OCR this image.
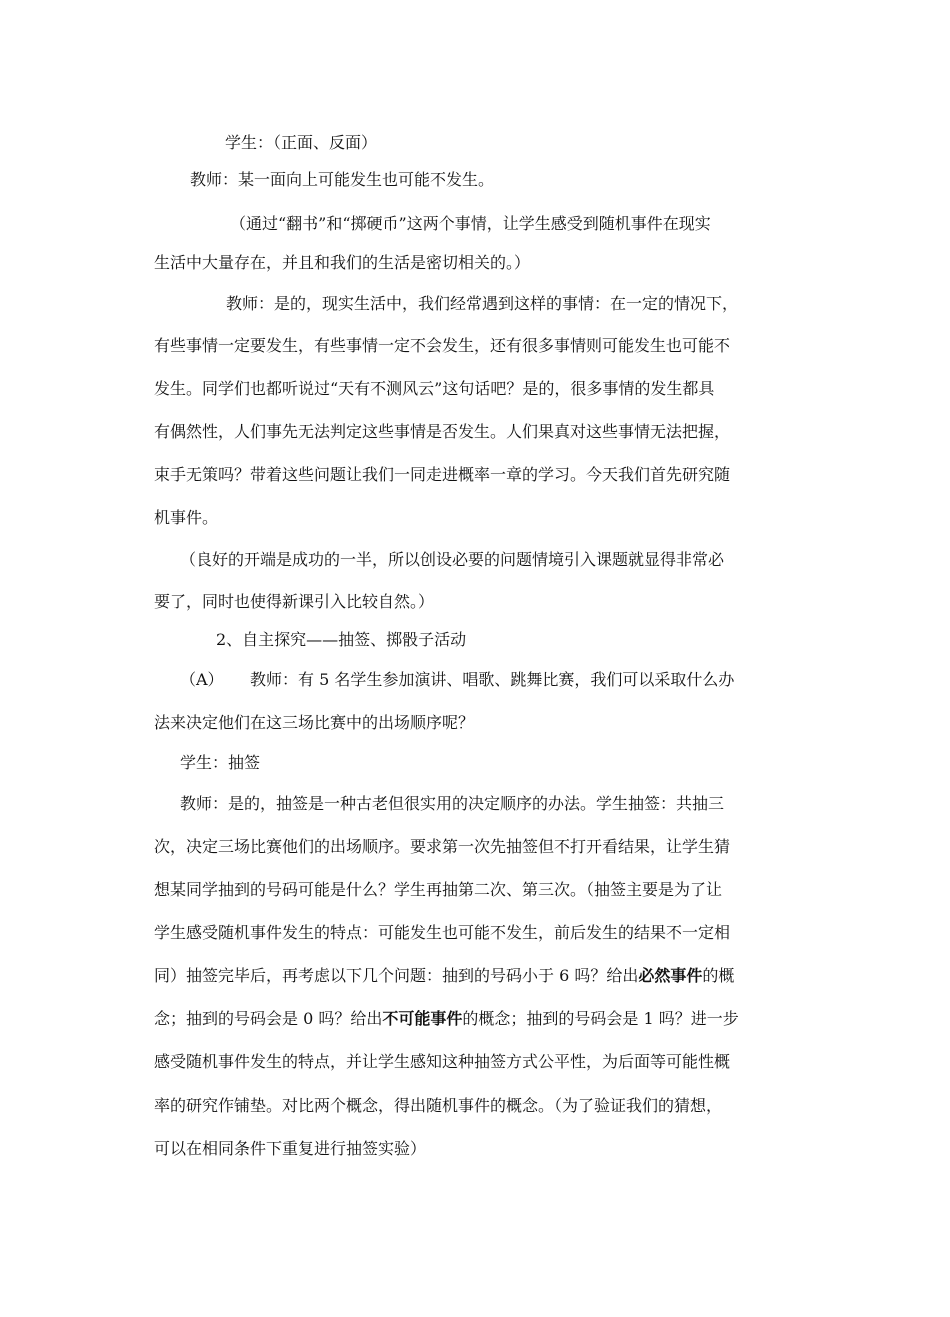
学生：（正面、反面）
教师：某一面向上可能发生也可能不发生。
（通过“翻书”和“掷硬币”这两个事情，让学生感受到随机事件在现实
生活中大量存在，并且和我们的生活是密切相关的。）
教师：是的，现实生活中，我们经常遇到这样的事情：在一定的情况下，
有些事情一定要发生，有些事情一定不会发生，还有很多事情则可能发生也可能不
发生。同学们也都听说过“天有不测风云”这句话吧？是的，很多事情的发生都具
有偶然性，人们事先无法判定这些事情是否发生。人们果真对这些事情无法把握，
束手无策吗？带着这些问题让我们一同走进概率一章的学习。今天我们首先研究随
机事件。
（良好的开端是成功的一半，所以创设必要的问题情境引入课题就显得非常必
要了，同时也使得新课引入比较自然。）
2、自主探究——抽签、掷骰子活动
（A） 教师：有 5 名学生参加演讲、唱歌、跳舞比赛，我们可以采取什么办
法来决定他们在这三场比赛中的出场顺序呢？
学生：抽签
教师：是的，抽签是一种古老但很实用的决定顺序的办法。学生抽签：共抽三
次，决定三场比赛他们的出场顺序。要求第一次先抽签但不打开看结果，让学生猜
想某同学抽到的号码可能是什么？学生再抽第二次、第三次。（抽签主要是为了让
学生感受随机事件发生的特点：可能发生也可能不发生，前后发生的结果不一定相
同）抽签完毕后，再考虑以下几个问题：抽到的号码小于 6 吗？给出必然事件的概
念；抽到的号码会是 0 吗？给出不可能事件的概念；抽到的号码会是 1 吗？进一步
感受随机事件发生的特点，并让学生感知这种抽签方式公平性，为后面等可能性概
率的研究作铺垫。对比两个概念，得出随机事件的概念。（为了验证我们的猜想，
可以在相同条件下重复进行抽签实验）
